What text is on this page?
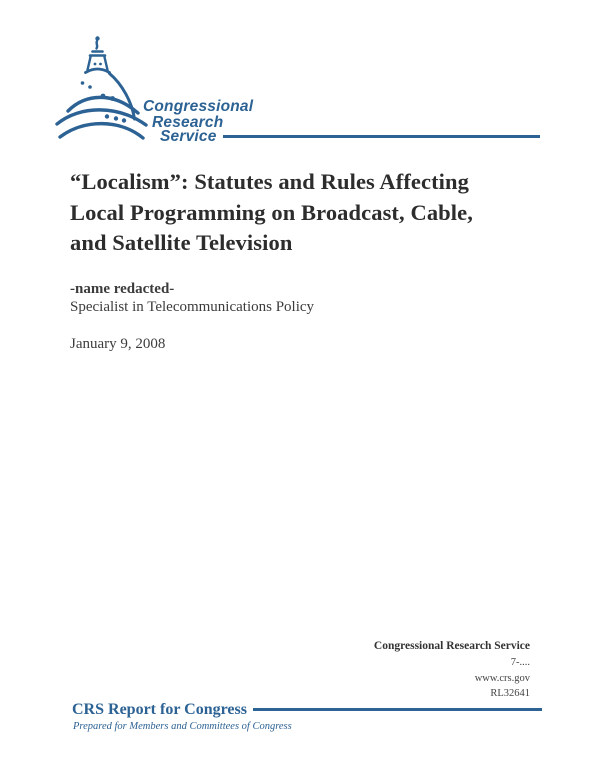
Congressional
Research
Service
“Localism”: Statutes and Rules Affecting
Local Programming on Broadcast, Cable,
and Satellite Television
-name redacted-
Specialist in Telecommunications Policy
January 9, 2008
Congressional Research Service
7-....
www.crs.gov
RL32641
CRS Report for Congress
Prepared for Members and Committees of Congress
